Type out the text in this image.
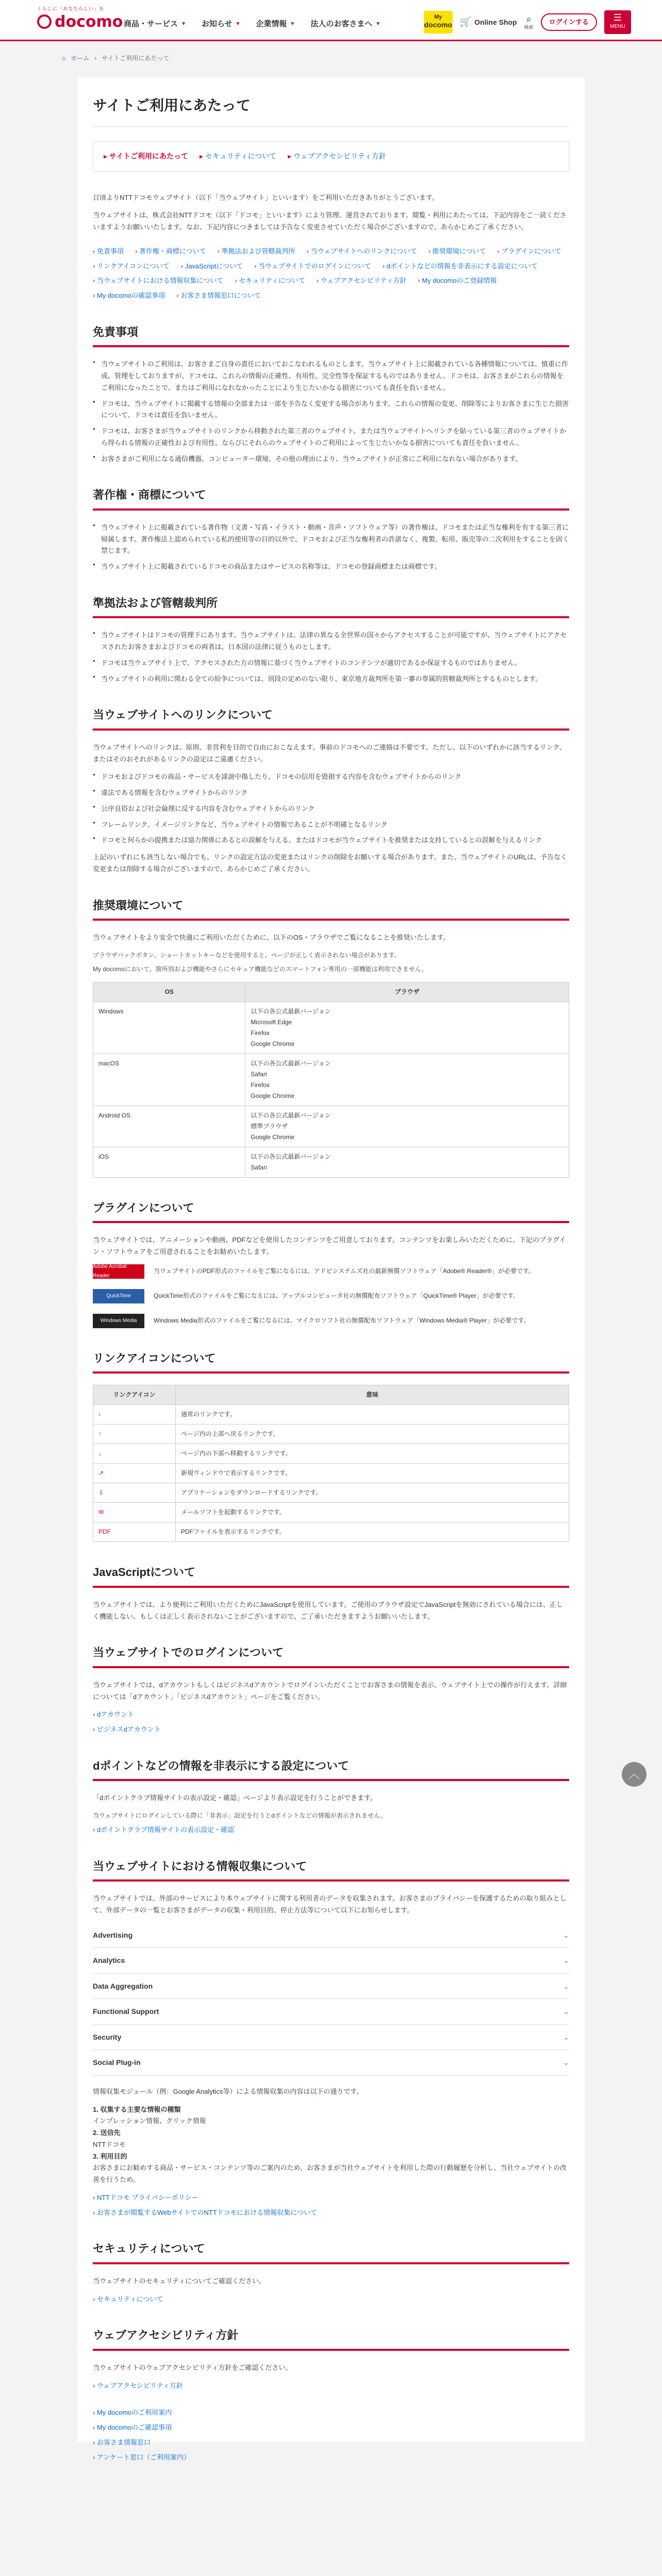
くらしに「あなたらしい」を
docomo 商品・サービス ▼ お知らせ ▼ 企業情報 ▼ 法人のお客さまへ ▼
My
docomo 🛒 Online Shop ⌕
検索
ログインする	☰
MENU
⌂ ホーム › サイトご利用にあたって
サイトご利用にあたって
▸ サイトご利用にあたって	▸ セキュリティについて	▸ ウェブアクセシビリティ方針

日頃よりNTTドコモウェブサイト（以下「当ウェブサイト」といいます）をご利用いただきありがとうございます。

当ウェブサイトは、株式会社NTTドコモ（以下「ドコモ」といいます）により管理、運営されております。閲覧・利用にあたっては、下記内容をご一読くださいますようお願いいたします。なお、下記内容につきましては予告なく変更させていただく場合がございますので、あらかじめご了承ください。

› 免責事項	› 著作権・商標について	› 準拠法および管轄裁判所	› 当ウェブサイトへのリンクについて	› 推奨環境について	› プラグインについて
› リンクアイコンについて	› JavaScriptについて	› 当ウェブサイトでのログインについて	› dポイントなどの情報を非表示にする設定について
› 当ウェブサイトにおける情報収集について	› セキュリティについて	› ウェブアクセシビリティ方針	› My docomoのご登録情報
› My docomoの確認事項	› お客さま情報窓口について
免責事項
● 当ウェブサイトのご利用は、お客さまご自身の責任においておこなわれるものとします。当ウェブサイト上に掲載されている各種情報については、慎重に作成、管理をしておりますが、ドコモは、これらの情報の正確性、有用性、完全性等を保証するものではありません。ドコモは、お客さまがこれらの情報をご利用になったことで、またはご利用になれなかったことにより生じたいかなる損害についても責任を負いません。
● ドコモは、当ウェブサイトに掲載する情報の全部または一部を予告なく変更する場合があります。これらの情報の変更、削除等によりお客さまに生じた損害について、ドコモは責任を負いません。
● ドコモは、お客さまが当ウェブサイトのリンクから移動された第三者のウェブサイト、または当ウェブサイトへリンクを貼っている第三者のウェブサイトから得られる情報の正確性および有用性、ならびにそれらのウェブサイトのご利用によって生じたいかなる損害についても責任を負いません。
● お客さまがご利用になる通信機器、コンピューター環境、その他の理由により、当ウェブサイトが正常にご利用になれない場合があります。
著作権・商標について
● 当ウェブサイト上に掲載されている著作物（文書・写真・イラスト・動画・音声・ソフトウェア等）の著作権は、ドコモまたは正当な権利を有する第三者に帰属します。著作権法上認められている私的使用等の目的以外で、ドコモおよび正当な権利者の許諾なく、複製、転用、販売等の二次利用をすることを固く禁じます。
● 当ウェブサイト上に掲載されているドコモの商品またはサービスの名称等は、ドコモの登録商標または商標です。
準拠法および管轄裁判所
● 当ウェブサイトはドコモの管理下にあります。当ウェブサイトは、法律の異なる全世界の国々からアクセスすることが可能ですが、当ウェブサイトにアクセスされたお客さまおよびドコモの両者は、日本国の法律に従うものとします。
● ドコモは当ウェブサイト上で、アクセスされた方の情報に基づく当ウェブサイトのコンテンツが適切であるか保証するものではありません。
● 当ウェブサイトの利用に関わる全ての紛争については、別段の定めのない限り、東京地方裁判所を第一審の専属的管轄裁判所とするものとします。
当ウェブサイトへのリンクについて

当ウェブサイトへのリンクは、原則、非営利を目的で自由におこなえます。事前のドコモへのご連絡は不要です。ただし、以下のいずれかに該当するリンク、またはそのおそれがあるリンクの設定はご遠慮ください。

● ドコモおよびドコモの商品・サービスを誹謗中傷したり、ドコモの信用を毀損する内容を含むウェブサイトからのリンク
● 違法である情報を含むウェブサイトからのリンク
● 公序良俗および社会倫理に反する内容を含むウェブサイトからのリンク
● フレームリンク、イメージリンクなど、当ウェブサイトの情報であることが不明確となるリンク
● ドコモと何らかの提携または協力関係にあるとの誤解を与える、またはドコモが当ウェブサイトを推奨または支持しているとの誤解を与えるリンク

上記のいずれにも該当しない場合でも、リンクの設定方法の変更またはリンクの削除をお願いする場合があります。また、当ウェブサイトのURLは、予告なく変更または削除する場合がございますので、あらかじめご了承ください。

推奨環境について

当ウェブサイトをより安全で快適にご利用いただくために、以下のOS・ブラウザでご覧になることを推奨いたします。

ブラウザバックボタン、ショートカットキーなどを使用すると、ページが正しく表示されない場合があります。

My docomoにおいて、箇所別および機能やさらにセキュア機能などのスマートフォン専用の一部機能は利用できません。

OS	ブラウザ
Windows	以下の各公式最新バージョン
Microsoft Edge
Firefox
Google Chrome
macOS	以下の各公式最新バージョン
Safari
Firefox
Google Chrome
Android OS	以下の各公式最新バージョン
標準ブラウザ
Google Chrome
iOS	以下の各公式最新バージョン
Safari
プラグインについて

当ウェブサイトでは、アニメーションや動画、PDFなどを使用したコンテンツをご用意しております。コンテンツをお楽しみいただくために、下記のプラグイン・ソフトウェアをご用意されることをお勧めいたします。

Adobe Acrobat Reader
当ウェブサイトのPDF形式のファイルをご覧になるには、アドビシステムズ社の最新無償ソフトウェア「Adobe® Reader®」が必要です。
QuickTime	QuickTime形式のファイルをご覧になるには、アップルコンピュータ社の無償配布ソフトウェア「QuickTime® Player」が必要です。
Windows Media	Windows Media形式のファイルをご覧になるには、マイクロソフト社の無償配布ソフトウェア「Windows Media® Player」が必要です。
リンクアイコンについて
リンクアイコン	意味
›	通常のリンクです。
↑	ページ内の上部へ戻るリンクです。
↓	ページ内の下部へ移動するリンクです。
↗	新規ウィンドウで表示するリンクです。
⇩	アプリケーションをダウンロードするリンクです。
✉	メールソフトを起動するリンクです。
PDF	PDFファイルを表示するリンクです。
JavaScriptについて

当ウェブサイトでは、より便利にご利用いただくためにJavaScriptを使用しています。ご使用のブラウザ設定でJavaScriptを無効にされている場合には、正しく機能しない、もしくは正しく表示されないことがございますので、ご了承いただきますようお願いいたします。

当ウェブサイトでのログインについて

当ウェブサイトでは、dアカウントもしくはビジネスdアカウントでログインいただくことでお客さまの情報を表示、ウェブサイト上での操作が行えます。詳細については「dアカウント」「ビジネスdアカウント」ページをご覧ください。

› dアカウント
› ビジネスdアカウント
dポイントなどの情報を非表示にする設定について

「dポイントクラブ情報サイトの表示設定・確認」ページより表示設定を行うことができます。

当ウェブサイトにログインしている際に「非表示」設定を行うとdポイントなどの情報が表示されません。

› dポイントクラブ情報サイトの表示設定・確認
当ウェブサイトにおける情報収集について

当ウェブサイトでは、外部のサービスにより本ウェブサイトに関する利用者のデータを収集されます。お客さまのプライバシーを保護するための取り組みとして、外部データの一覧とお客さまがデータの収集・利用目的、停止方法等について以下にお知らせします。

Advertising	⌄
Analytics	⌄
Data Aggregation	⌄
Functional Support	⌄
Security	⌄
Social Plug-in	⌄

情報収集モジュール（例：Google Analytics等）による情報収集の内容は以下の通りです。

1. 収集する主要な情報の種類

インプレッション情報、クリック情報

2. 送信先

NTTドコモ

3. 利用目的

お客さまにお勧めする商品・サービス・コンテンツ等のご案内のため、お客さまが当社ウェブサイトを利用した際の行動履歴を分析し、当社ウェブサイトの改善を行うため。

› NTTドコモ プライバシーポリシー
› お客さまが閲覧するWebサイトでのNTTドコモにおける情報収集について
セキュリティについて

当ウェブサイトのセキュリティについてご確認ください。

› セキュリティについて
ウェブアクセシビリティ方針

当ウェブサイトのウェブアクセシビリティ方針をご確認ください。

› ウェブアクセシビリティ方針
› My docomoのご利用案内
› My docomoのご確認事項
› お客さま情報窓口
› アンケート窓口（ご利用案内）
︿
